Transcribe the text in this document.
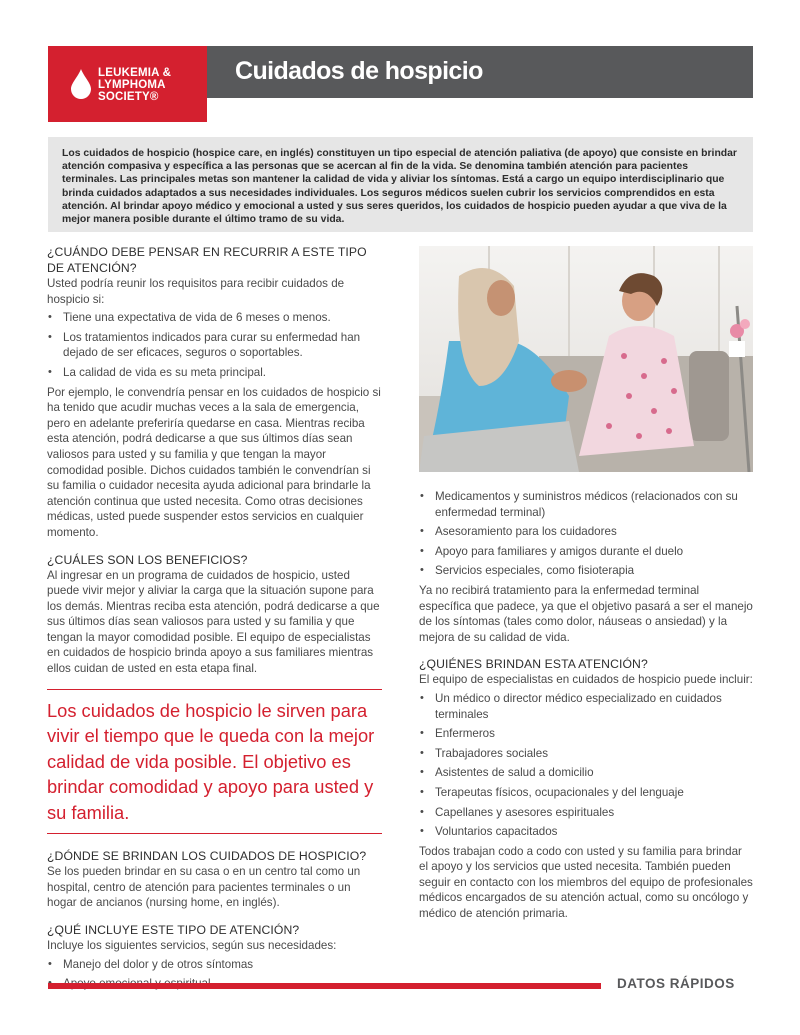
LEUKEMIA &
LYMPHOMA
SOCIETY®
Cuidados de hospicio

Los cuidados de hospicio (hospice care, en inglés) constituyen un tipo especial de atención paliativa (de apoyo) que consiste en brindar atención compasiva y específica a las personas que se acercan al fin de la vida. Se denomina también atención para pacientes terminales. Las principales metas son mantener la calidad de vida y aliviar los síntomas. Está a cargo un equipo interdisciplinario que brinda cuidados adaptados a sus necesidades individuales. Los seguros médicos suelen cubrir los servicios comprendidos en esta atención. Al brindar apoyo médico y emocional a usted y sus seres queridos, los cuidados de hospicio pueden ayudar a que viva de la mejor manera posible durante el último tramo de su vida.

¿CUÁNDO DEBE PENSAR EN RECURRIR A ESTE TIPO DE ATENCIÓN?

Usted podría reunir los requisitos para recibir cuidados de hospicio si:

• Tiene una expectativa de vida de 6 meses o menos.
• Los tratamientos indicados para curar su enfermedad han dejado de ser eficaces, seguros o soportables.
• La calidad de vida es su meta principal.

Por ejemplo, le convendría pensar en los cuidados de hospicio si ha tenido que acudir muchas veces a la sala de emergencia, pero en adelante preferiría quedarse en casa. Mientras reciba esta atención, podrá dedicarse a que sus últimos días sean valiosos para usted y su familia y que tengan la mayor comodidad posible. Dichos cuidados también le convendrían si su familia o cuidador necesita ayuda adicional para brindarle la atención continua que usted necesita. Como otras decisiones médicas, usted puede suspender estos servicios en cualquier momento.

¿CUÁLES SON LOS BENEFICIOS?

Al ingresar en un programa de cuidados de hospicio, usted puede vivir mejor y aliviar la carga que la situación supone para los demás. Mientras reciba esta atención, podrá dedicarse a que sus últimos días sean valiosos para usted y su familia y que tengan la mayor comodidad posible. El equipo de especialistas en cuidados de hospicio brinda apoyo a sus familiares mientras ellos cuidan de usted en esta etapa final.

Los cuidados de hospicio le sirven para vivir el tiempo que le queda con la mejor calidad de vida posible. El objetivo es brindar comodidad y apoyo para usted y su familia.

¿DÓNDE SE BRINDAN LOS CUIDADOS DE HOSPICIO?

Se los pueden brindar en su casa o en un centro tal como un hospital, centro de atención para pacientes terminales o un hogar de ancianos (nursing home, en inglés).

¿QUÉ INCLUYE ESTE TIPO DE ATENCIÓN?

Incluye los siguientes servicios, según sus necesidades:

• Manejo del dolor y de otros síntomas
•
• Medicamentos y suministros médicos (relacionados con su enfermedad terminal)
• Asesoramiento para los cuidadores
• Apoyo para familiares y amigos durante el duelo
• Servicios especiales, como fisioterapia

Ya no recibirá tratamiento para la enfermedad terminal específica que padece, ya que el objetivo pasará a ser el manejo de los síntomas (tales como dolor, náuseas o ansiedad) y la mejora de su calidad de vida.

¿QUIÉNES BRINDAN ESTA ATENCIÓN?

El equipo de especialistas en cuidados de hospicio puede incluir:

• Un médico o director médico especializado en cuidados terminales
• Enfermeros
• Trabajadores sociales
• Asistentes de salud a domicilio
• Terapeutas físicos, ocupacionales y del lenguaje
• Capellanes y asesores espirituales
• Voluntarios capacitados

Todos trabajan codo a codo con usted y su familia para brindar el apoyo y los servicios que usted necesita. También pueden seguir en contacto con los miembros del equipo de profesionales médicos encargados de su atención actual, como su oncólogo y médico de atención primaria.

DATOS RÁPIDOS
